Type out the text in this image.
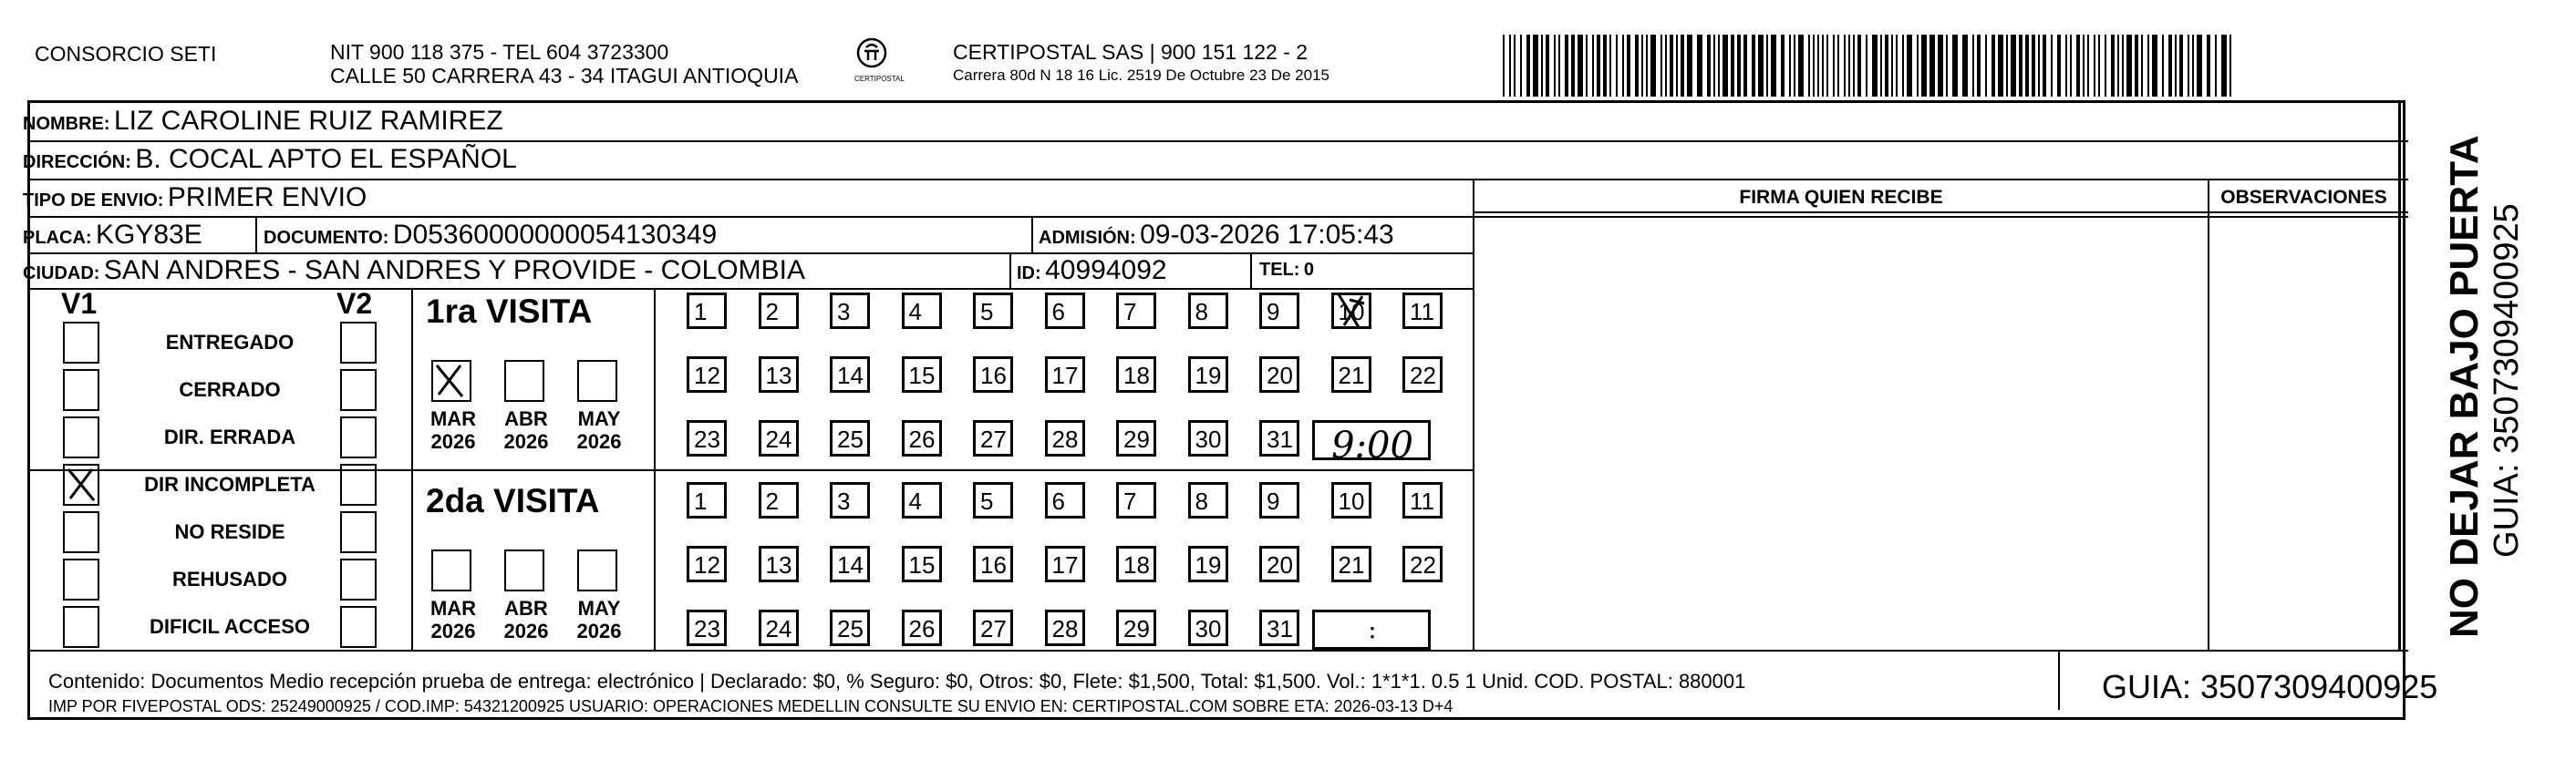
CONSORCIO SETI	NIT 900 118 375 - TEL 604 3723300
CALLE 50 CARRERA 43 - 34 ITAGUI ANTIOQUIA	CERTIPOSTAL
CERTIPOSTAL SAS | 900 151 122 - 2
Carrera 80d N 18 16 Lic. 2519 De Octubre 23 De 2015
NOMBRE: LIZ CAROLINE RUIZ RAMIREZ
DIRECCIÓN: B. COCAL APTO EL ESPAÑOL
TIPO DE ENVIO: PRIMER ENVIO
PLACA: KGY83E	DOCUMENTO: D05360000000054130349	ADMISIÓN: 09-03-2026 17:05:43
CIUDAD: SAN ANDRES - SAN ANDRES Y PROVIDE - COLOMBIA	ID: 40994092	TEL: 0
FIRMA QUIEN RECIBE	OBSERVACIONES
V1	V2
ENTREGADO
CERRADO
DIR. ERRADA
DIR INCOMPLETA
NO RESIDE
REHUSADO
DIFICIL ACCESO
1ra VISITA
2da VISITA
MAR
2026
ABR
2026
MAY
2026
MAR
2026
ABR
2026
MAY
2026
1 2 3 4 5 6 7 8 9 10 11
12 13 14 15 16 17 18 19 20 21 22
23 24 25 26 27 28 29 30 31	9:00
1 2 3 4 5 6 7 8 9 10 11
12 13 14 15 16 17 18 19 20 21 22
23 24 25 26 27 28 29 30 31	:
Contenido: Documentos Medio recepción prueba de entrega: electrónico | Declarado: $0, % Seguro: $0, Otros: $0, Flete: $1,500, Total: $1,500. Vol.: 1*1*1. 0.5 1 Unid. COD. POSTAL: 880001
IMP POR FIVEPOSTAL ODS: 25249000925 / COD.IMP: 54321200925 USUARIO: OPERACIONES MEDELLIN CONSULTE SU ENVIO EN: CERTIPOSTAL.COM SOBRE ETA: 2026-03-13 D+4
GUIA: 3507309400925
NO DEJAR BAJO PUERTA GUIA: 3507309400925
